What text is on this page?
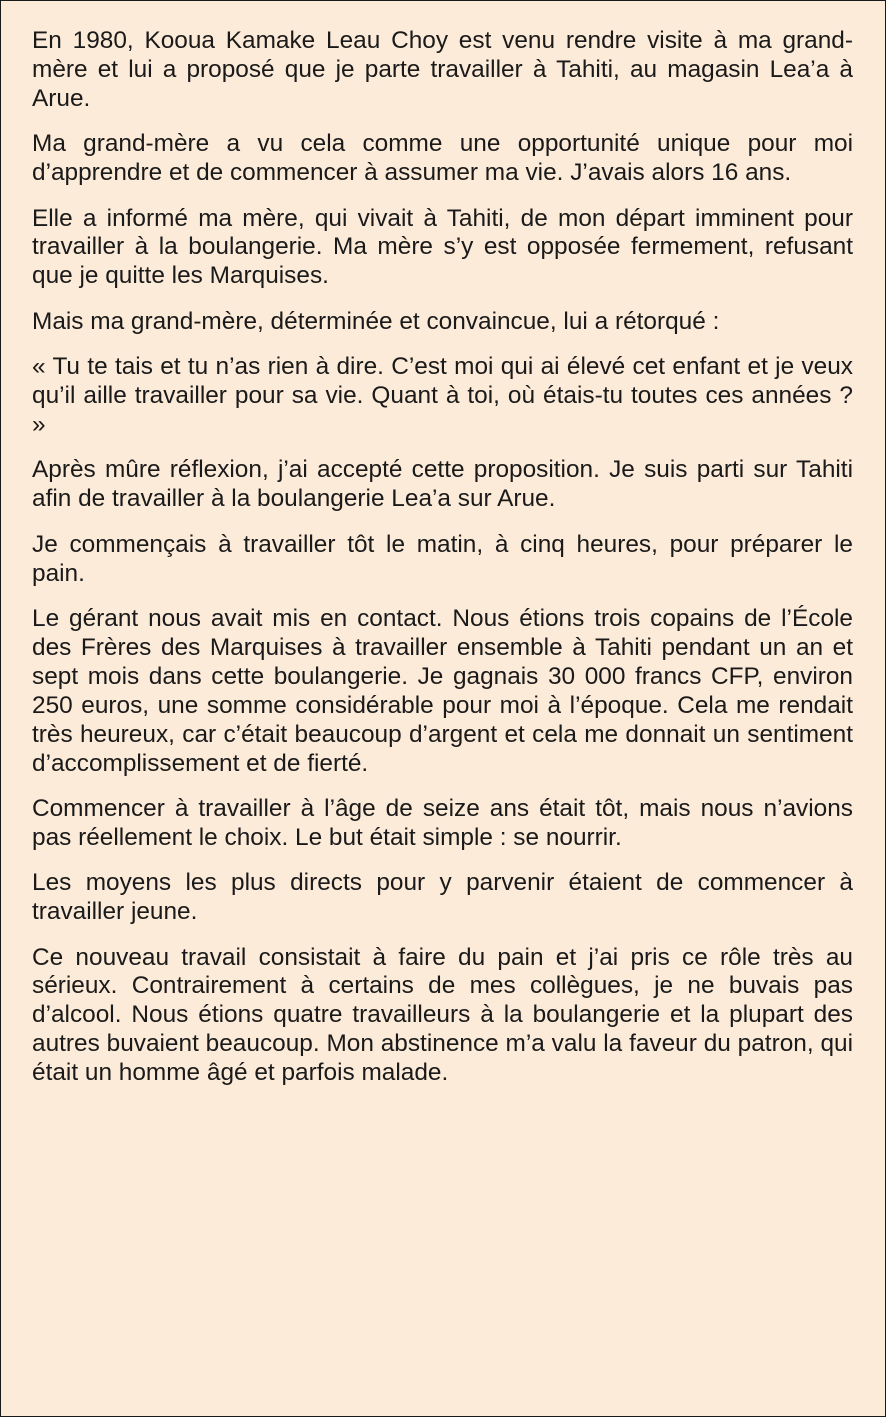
En 1980, Kooua Kamake Leau Choy est venu rendre visite à ma grand-mère et lui a proposé que je parte travailler à Tahiti, au magasin Lea’a à Arue.

Ma grand-mère a vu cela comme une opportunité unique pour moi d’apprendre et de commencer à assumer ma vie. J’avais alors 16 ans.

Elle a informé ma mère, qui vivait à Tahiti, de mon départ imminent pour travailler à la boulangerie. Ma mère s’y est opposée fermement, refusant que je quitte les Marquises.

Mais ma grand-mère, déterminée et convaincue, lui a rétorqué :

« Tu te tais et tu n’as rien à dire. C’est moi qui ai élevé cet enfant et je veux qu’il aille travailler pour sa vie. Quant à toi, où étais-tu toutes ces années ? »

Après mûre réflexion, j’ai accepté cette proposition. Je suis parti sur Tahiti afin de travailler à la boulangerie Lea’a sur Arue.

Je commençais à travailler tôt le matin, à cinq heures, pour préparer le pain.

Le gérant nous avait mis en contact. Nous étions trois copains de l’École des Frères des Marquises à travailler ensemble à Tahiti pendant un an et sept mois dans cette boulangerie. Je gagnais 30 000 francs CFP, environ 250 euros, une somme considérable pour moi à l’époque. Cela me rendait très heureux, car c’était beaucoup d’argent et cela me donnait un sentiment d’accomplissement et de fierté.

Commencer à travailler à l’âge de seize ans était tôt, mais nous n’avions pas réellement le choix. Le but était simple : se nourrir.

Les moyens les plus directs pour y parvenir étaient de commencer à travailler jeune.

Ce nouveau travail consistait à faire du pain et j’ai pris ce rôle très au sérieux. Contrairement à certains de mes collègues, je ne buvais pas d’alcool. Nous étions quatre travailleurs à la boulangerie et la plupart des autres buvaient beaucoup. Mon abstinence m’a valu la faveur du patron, qui était un homme âgé et parfois malade.
